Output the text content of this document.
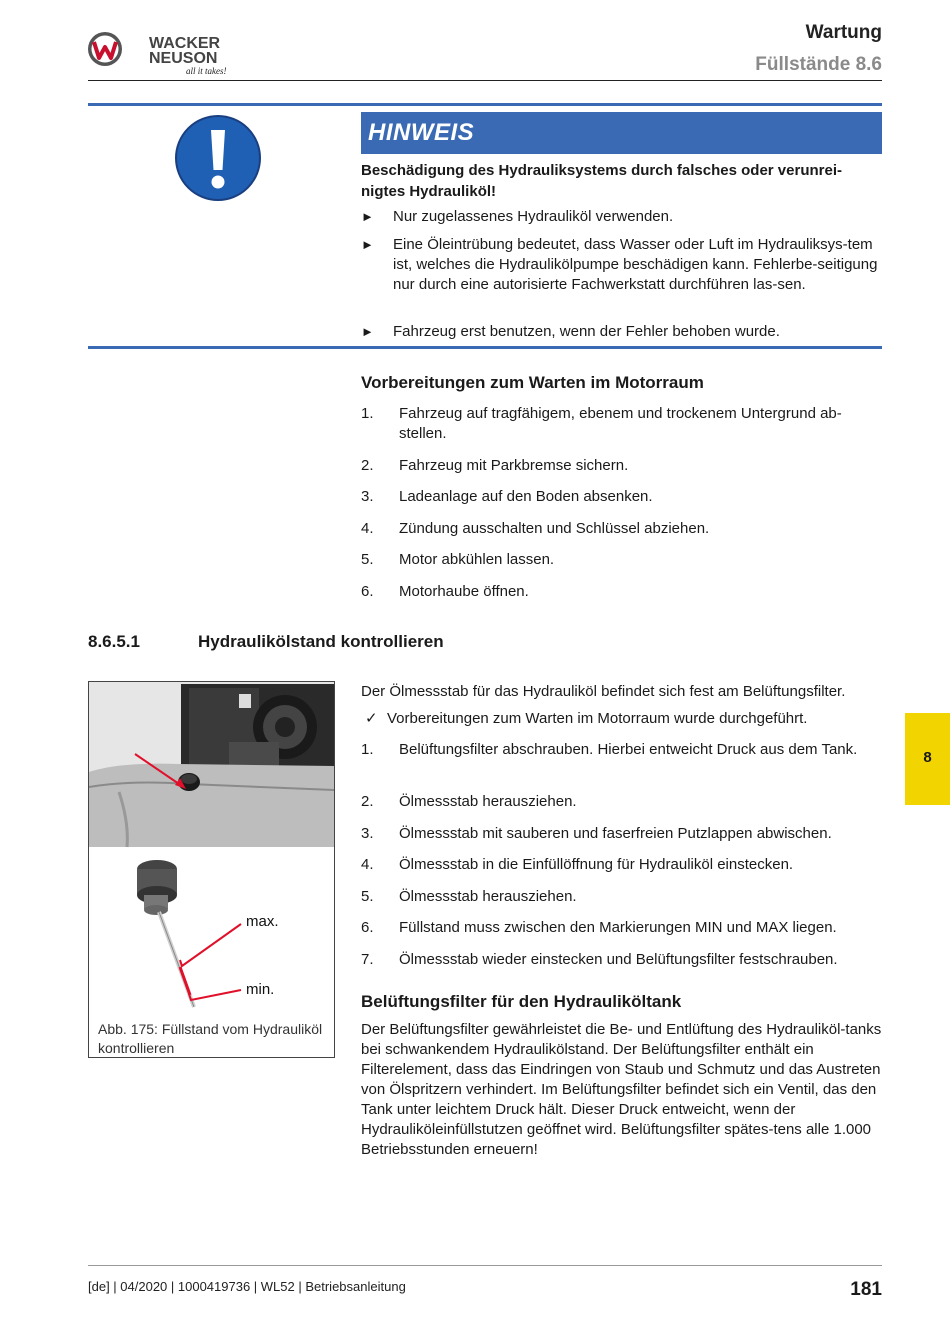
WACKER
NEUSON
all it takes!
Wartung
Füllstände 8.6
HINWEIS
Beschädigung des Hydrauliksystems durch falsches oder verunrei-nigtes Hydrauliköl!
► Nur zugelassenes Hydrauliköl verwenden.
► Eine Öleintrübung bedeutet, dass Wasser oder Luft im Hydrauliksys-tem ist, welches die Hydraulikölpumpe beschädigen kann. Fehlerbe-seitigung nur durch eine autorisierte Fachwerkstatt durchführen las-sen.
► Fahrzeug erst benutzen, wenn der Fehler behoben wurde.
Vorbereitungen zum Warten im Motorraum
1. Fahrzeug auf tragfähigem, ebenem und trockenem Untergrund ab-stellen.
2. Fahrzeug mit Parkbremse sichern.
3. Ladeanlage auf den Boden absenken.
4. Zündung ausschalten und Schlüssel abziehen.
5. Motor abkühlen lassen.
6. Motorhaube öffnen.
8.6.5.1	Hydraulikölstand kontrollieren
max.
min.
Abb. 175: Füllstand vom Hydrauliköl kontrollieren
Der Ölmessstab für das Hydrauliköl befindet sich fest am Belüftungsfilter.
✓ Vorbereitungen zum Warten im Motorraum wurde durchgeführt.
1. Belüftungsfilter abschrauben. Hierbei entweicht Druck aus dem Tank.
2. Ölmessstab herausziehen.
3. Ölmessstab mit sauberen und faserfreien Putzlappen abwischen.
4. Ölmessstab in die Einfüllöffnung für Hydrauliköl einstecken.
5. Ölmessstab herausziehen.
6. Füllstand muss zwischen den Markierungen MIN und MAX liegen.
7. Ölmessstab wieder einstecken und Belüftungsfilter festschrauben.
Belüftungsfilter für den Hydrauliköltank
Der Belüftungsfilter gewährleistet die Be- und Entlüftung des Hydrauliköl-tanks bei schwankendem Hydraulikölstand. Der Belüftungsfilter enthält ein Filterelement, dass das Eindringen von Staub und Schmutz und das Austreten von Ölspritzern verhindert. Im Belüftungsfilter befindet sich ein Ventil, das den Tank unter leichtem Druck hält. Dieser Druck entweicht, wenn der Hydrauliköleinfüllstutzen geöffnet wird. Belüftungsfilter spätes-tens alle 1.000 Betriebsstunden erneuern!
8
[de] | 04/2020 | 1000419736 | WL52 | Betriebsanleitung	181
